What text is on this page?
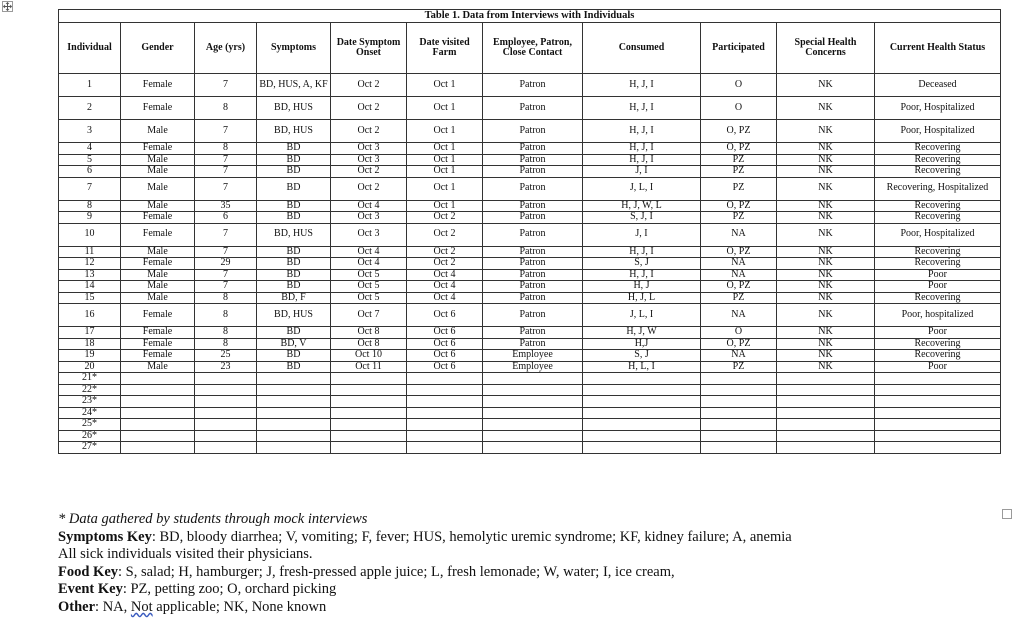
Table 1. Data from Interviews with Individuals
Individual	Gender	Age (yrs)	Symptoms	Date Symptom Onset	Date visited Farm	Employee, Patron, Close Contact	Consumed	Participated	Special Health Concerns	Current Health Status
1	Female	7	BD, HUS, A, KF	Oct 2	Oct 1	Patron	H, J, I	O	NK	Deceased
2	Female	8	BD, HUS	Oct 2	Oct 1	Patron	H, J, I	O	NK	Poor, Hospitalized
3	Male	7	BD, HUS	Oct 2	Oct 1	Patron	H, J, I	O, PZ	NK	Poor, Hospitalized
4	Female	8	BD	Oct 3	Oct 1	Patron	H, J, I	O, PZ	NK	Recovering
5	Male	7	BD	Oct 3	Oct 1	Patron	H, J, I	PZ	NK	Recovering
6	Male	7	BD	Oct 2	Oct 1	Patron	J, I	PZ	NK	Recovering
7	Male	7	BD	Oct 2	Oct 1	Patron	J, L, I	PZ	NK	Recovering, Hospitalized
8	Male	35	BD	Oct 4	Oct 1	Patron	H, J, W, L	O, PZ	NK	Recovering
9	Female	6	BD	Oct 3	Oct 2	Patron	S, J, I	PZ	NK	Recovering
10	Female	7	BD, HUS	Oct 3	Oct 2	Patron	J, I	NA	NK	Poor, Hospitalized
11	Male	7	BD	Oct 4	Oct 2	Patron	H, J, I	O, PZ	NK	Recovering
12	Female	29	BD	Oct 4	Oct 2	Patron	S, J	NA	NK	Recovering
13	Male	7	BD	Oct 5	Oct 4	Patron	H, J, I	NA	NK	Poor
14	Male	7	BD	Oct 5	Oct 4	Patron	H, J	O, PZ	NK	Poor
15	Male	8	BD, F	Oct 5	Oct 4	Patron	H, J, L	PZ	NK	Recovering
16	Female	8	BD, HUS	Oct 7	Oct 6	Patron	J, L, I	NA	NK	Poor, hospitalized
17	Female	8	BD	Oct 8	Oct 6	Patron	H, J, W	O	NK	Poor
18	Female	8	BD, V	Oct 8	Oct 6	Patron	H,J	O, PZ	NK	Recovering
19	Female	25	BD	Oct 10	Oct 6	Employee	S, J	NA	NK	Recovering
20	Male	23	BD	Oct 11	Oct 6	Employee	H, L, I	PZ	NK	Poor
21*										
22*										
23*										
24*										
25*										
26*										
27*										
* Data gathered by students through mock interviews
Symptoms Key: BD, bloody diarrhea; V, vomiting; F, fever; HUS, hemolytic uremic syndrome; KF, kidney failure; A, anemia
All sick individuals visited their physicians.
Food Key: S, salad; H, hamburger; J, fresh-pressed apple juice; L, fresh lemonade; W, water; I, ice cream,
Event Key: PZ, petting zoo; O, orchard picking
Other: NA, Not applicable; NK, None known
